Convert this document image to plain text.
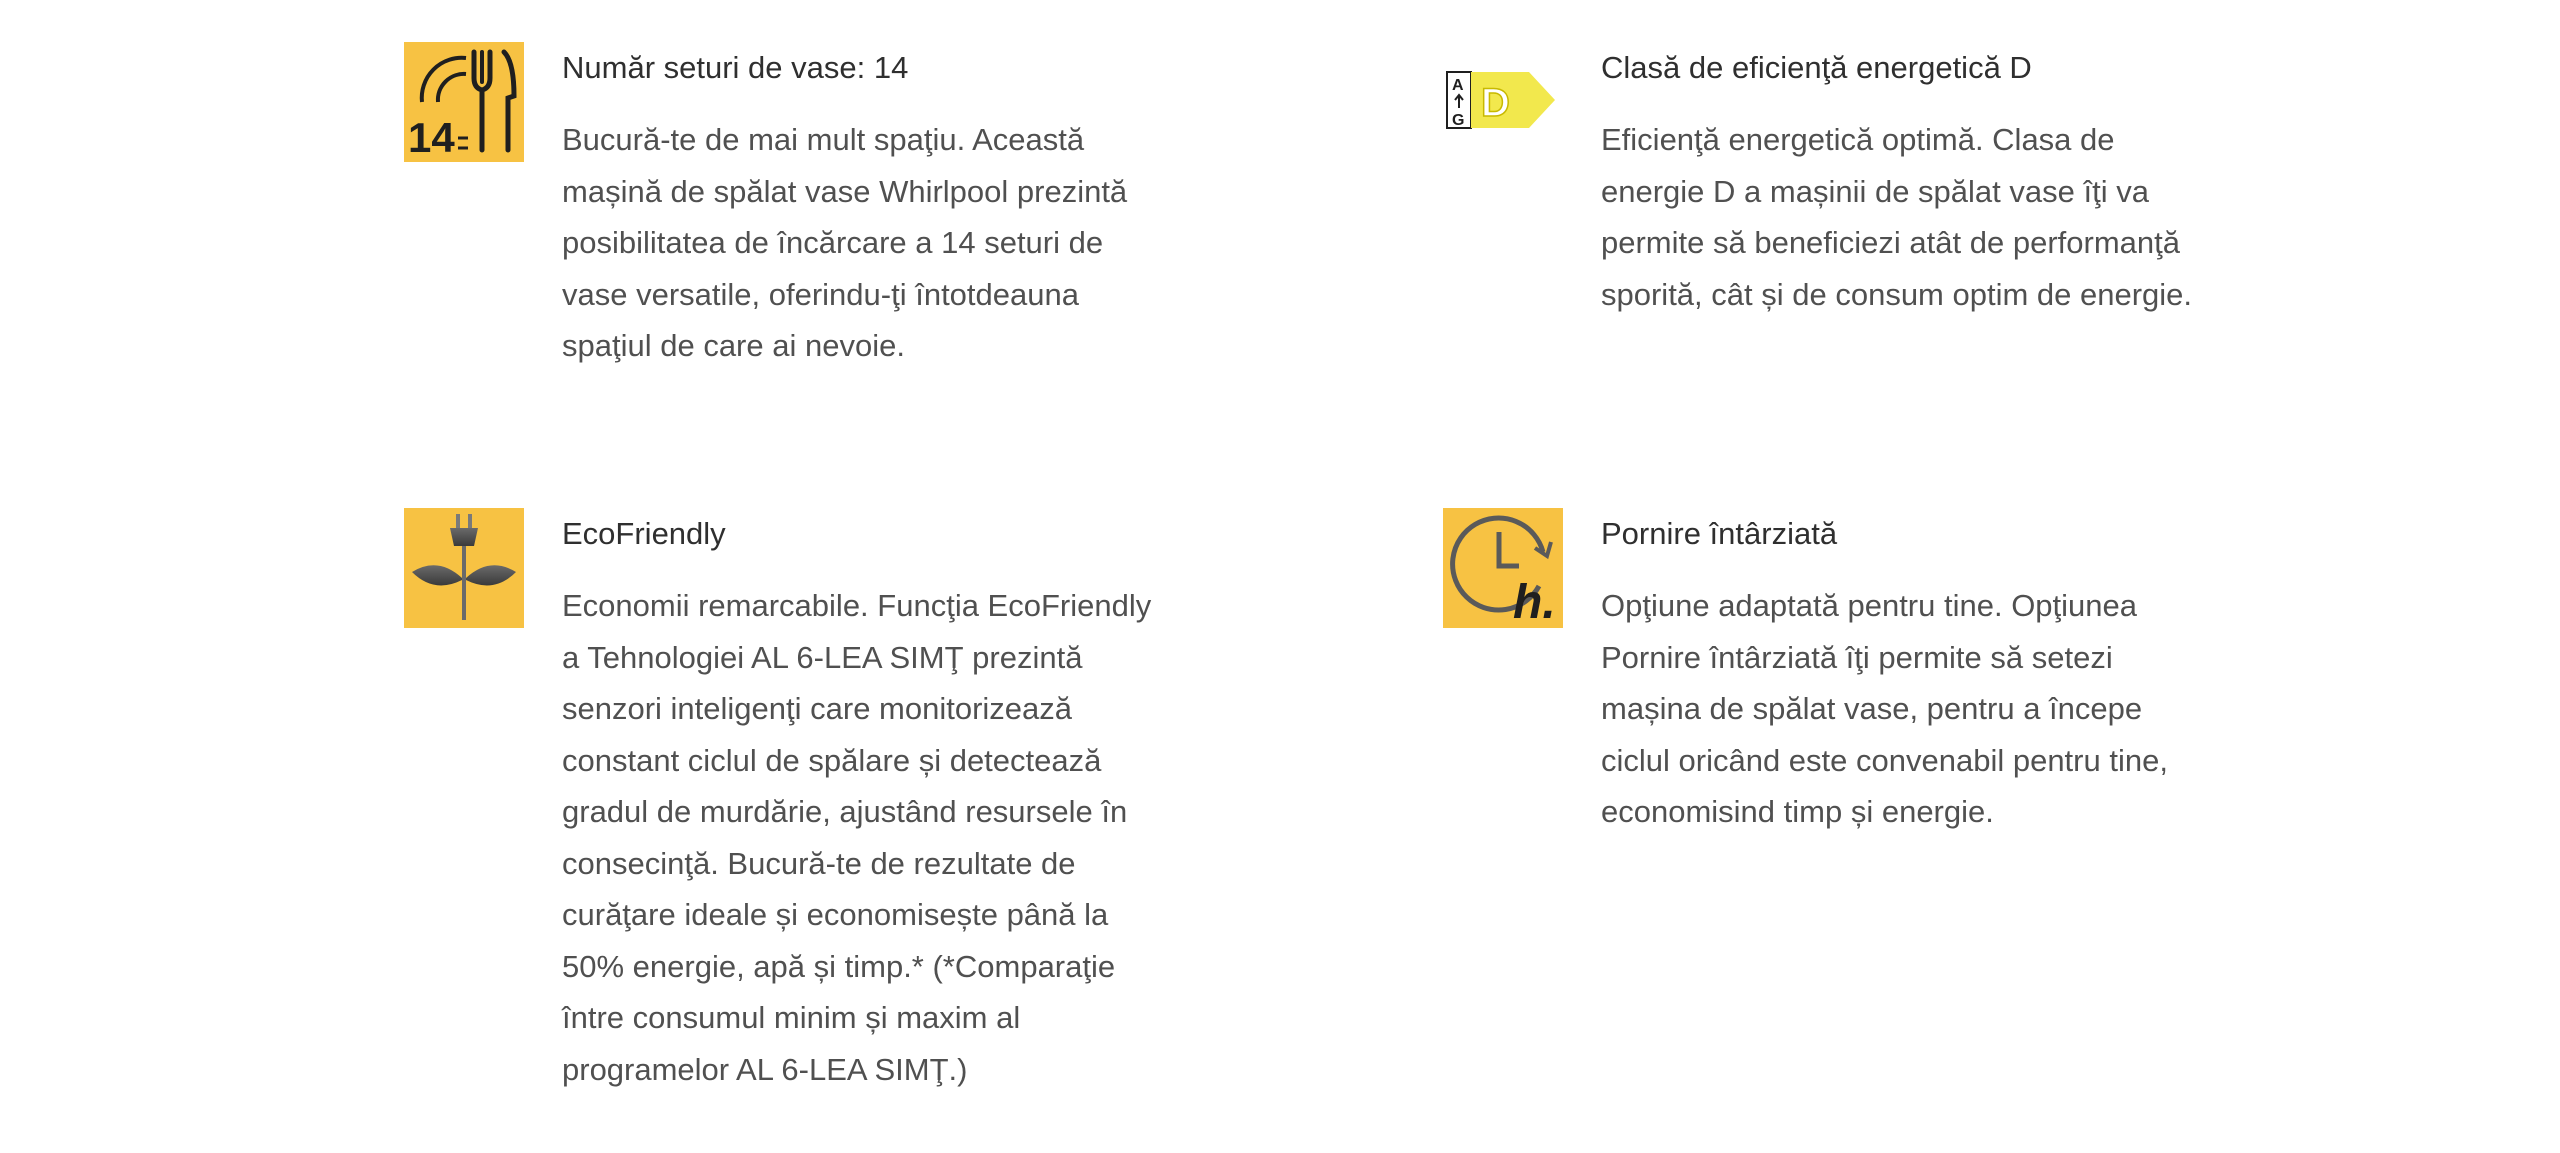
14
Număr seturi de vase: 14
Bucură-te de mai mult spaţiu. Această mașină de spălat vase Whirlpool prezintă posibilitatea de încărcare a 14 seturi de vase versatile, oferindu-ţi întotdeauna spaţiul de care ai nevoie.
A
G D
Clasă de eficienţă energetică D
Eficienţă energetică optimă. Clasa de energie D a mașinii de spălat vase îţi va permite să beneficiezi atât de performanţă sporită, cât și de consum optim de energie.
EcoFriendly
Economii remarcabile. Funcţia EcoFriendly a Tehnologiei AL 6-LEA SIMŢ prezintă senzori inteligenţi care monitorizează constant ciclul de spălare și detectează gradul de murdărie, ajustând resursele în consecinţă. Bucură-te de rezultate de curăţare ideale și economisește până la 50% energie, apă și timp.* (*Comparaţie între consumul minim și maxim al programelor AL 6-LEA SIMŢ.)
h.
Pornire întârziată
Opţiune adaptată pentru tine. Opţiunea Pornire întârziată îţi permite să setezi mașina de spălat vase, pentru a începe ciclul oricând este convenabil pentru tine, economisind timp și energie.
